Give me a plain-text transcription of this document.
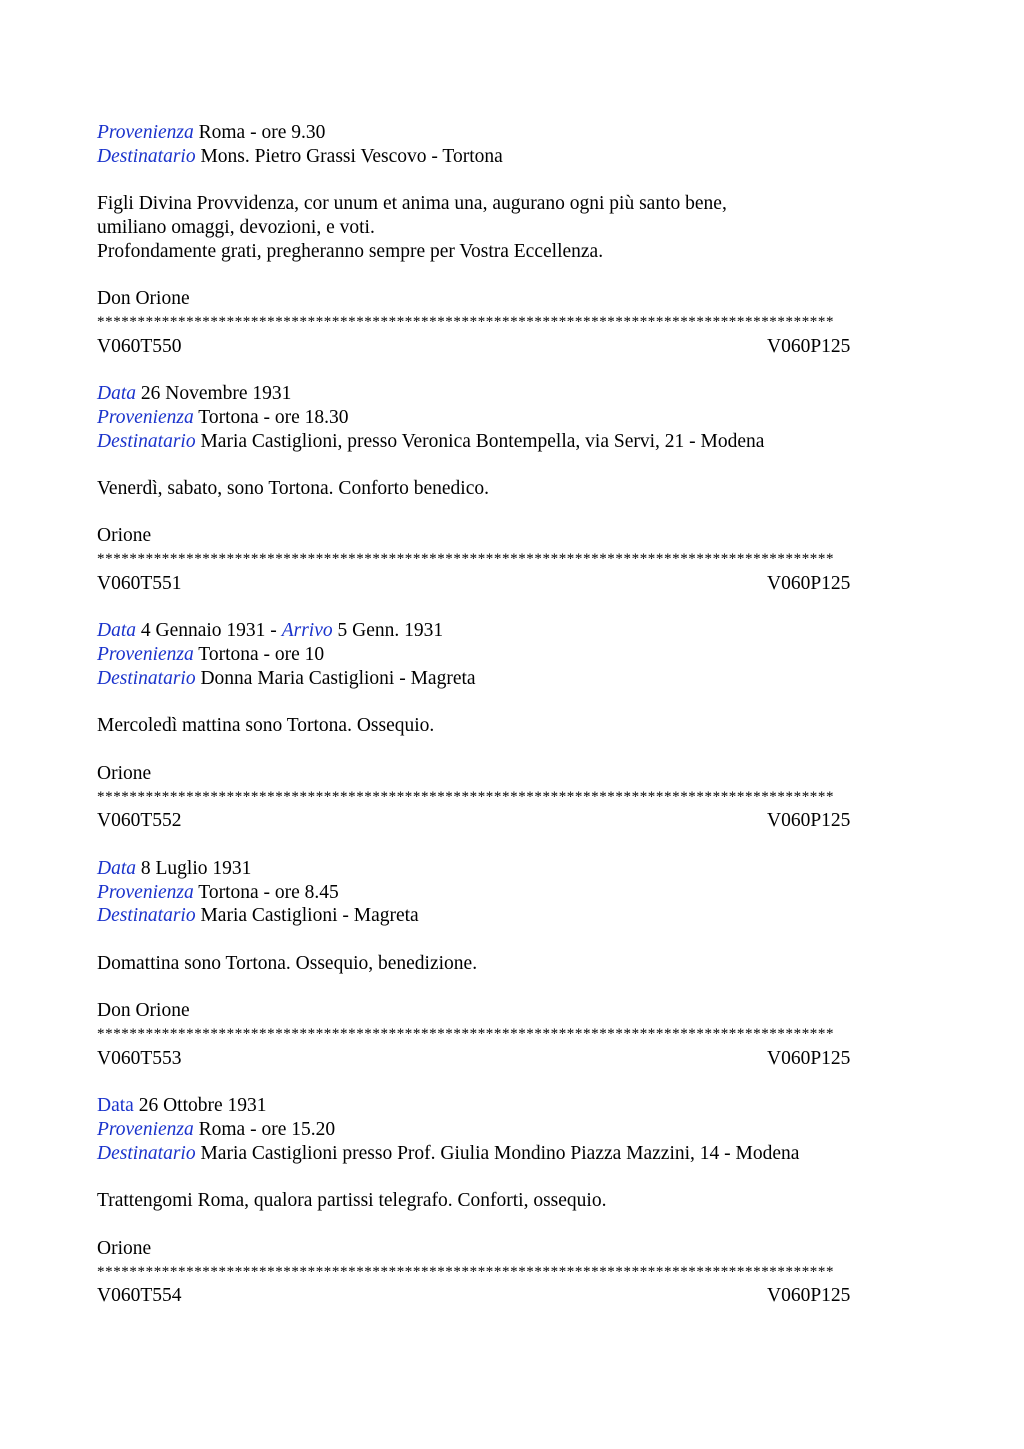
Provenienza Roma - ore 9.30
Destinatario Mons. Pietro Grassi Vescovo - Tortona
Figli Divina Provvidenza, cor unum et anima una, augurano ogni più santo bene,
umiliano omaggi, devozioni, e voti.
Profondamente grati, pregheranno sempre per Vostra Eccellenza.
Don Orione
*******************************************************************************************
V060T550	V060P125
Data 26 Novembre 1931
Provenienza Tortona - ore 18.30
Destinatario Maria Castiglioni, presso Veronica Bontempella, via Servi, 21 - Modena
Venerdì, sabato, sono Tortona. Conforto benedico.
Orione
*******************************************************************************************
V060T551	V060P125
Data 4 Gennaio 1931 - Arrivo 5 Genn. 1931
Provenienza Tortona - ore 10
Destinatario Donna Maria Castiglioni - Magreta
Mercoledì mattina sono Tortona. Ossequio.
Orione
*******************************************************************************************
V060T552	V060P125
Data 8 Luglio 1931
Provenienza Tortona - ore 8.45
Destinatario Maria Castiglioni - Magreta
Domattina sono Tortona. Ossequio, benedizione.
Don Orione
*******************************************************************************************
V060T553	V060P125
Data 26 Ottobre 1931
Provenienza Roma - ore 15.20
Destinatario Maria Castiglioni presso Prof. Giulia Mondino Piazza Mazzini, 14 - Modena
Trattengomi Roma, qualora partissi telegrafo. Conforti, ossequio.
Orione
*******************************************************************************************
V060T554	V060P125
